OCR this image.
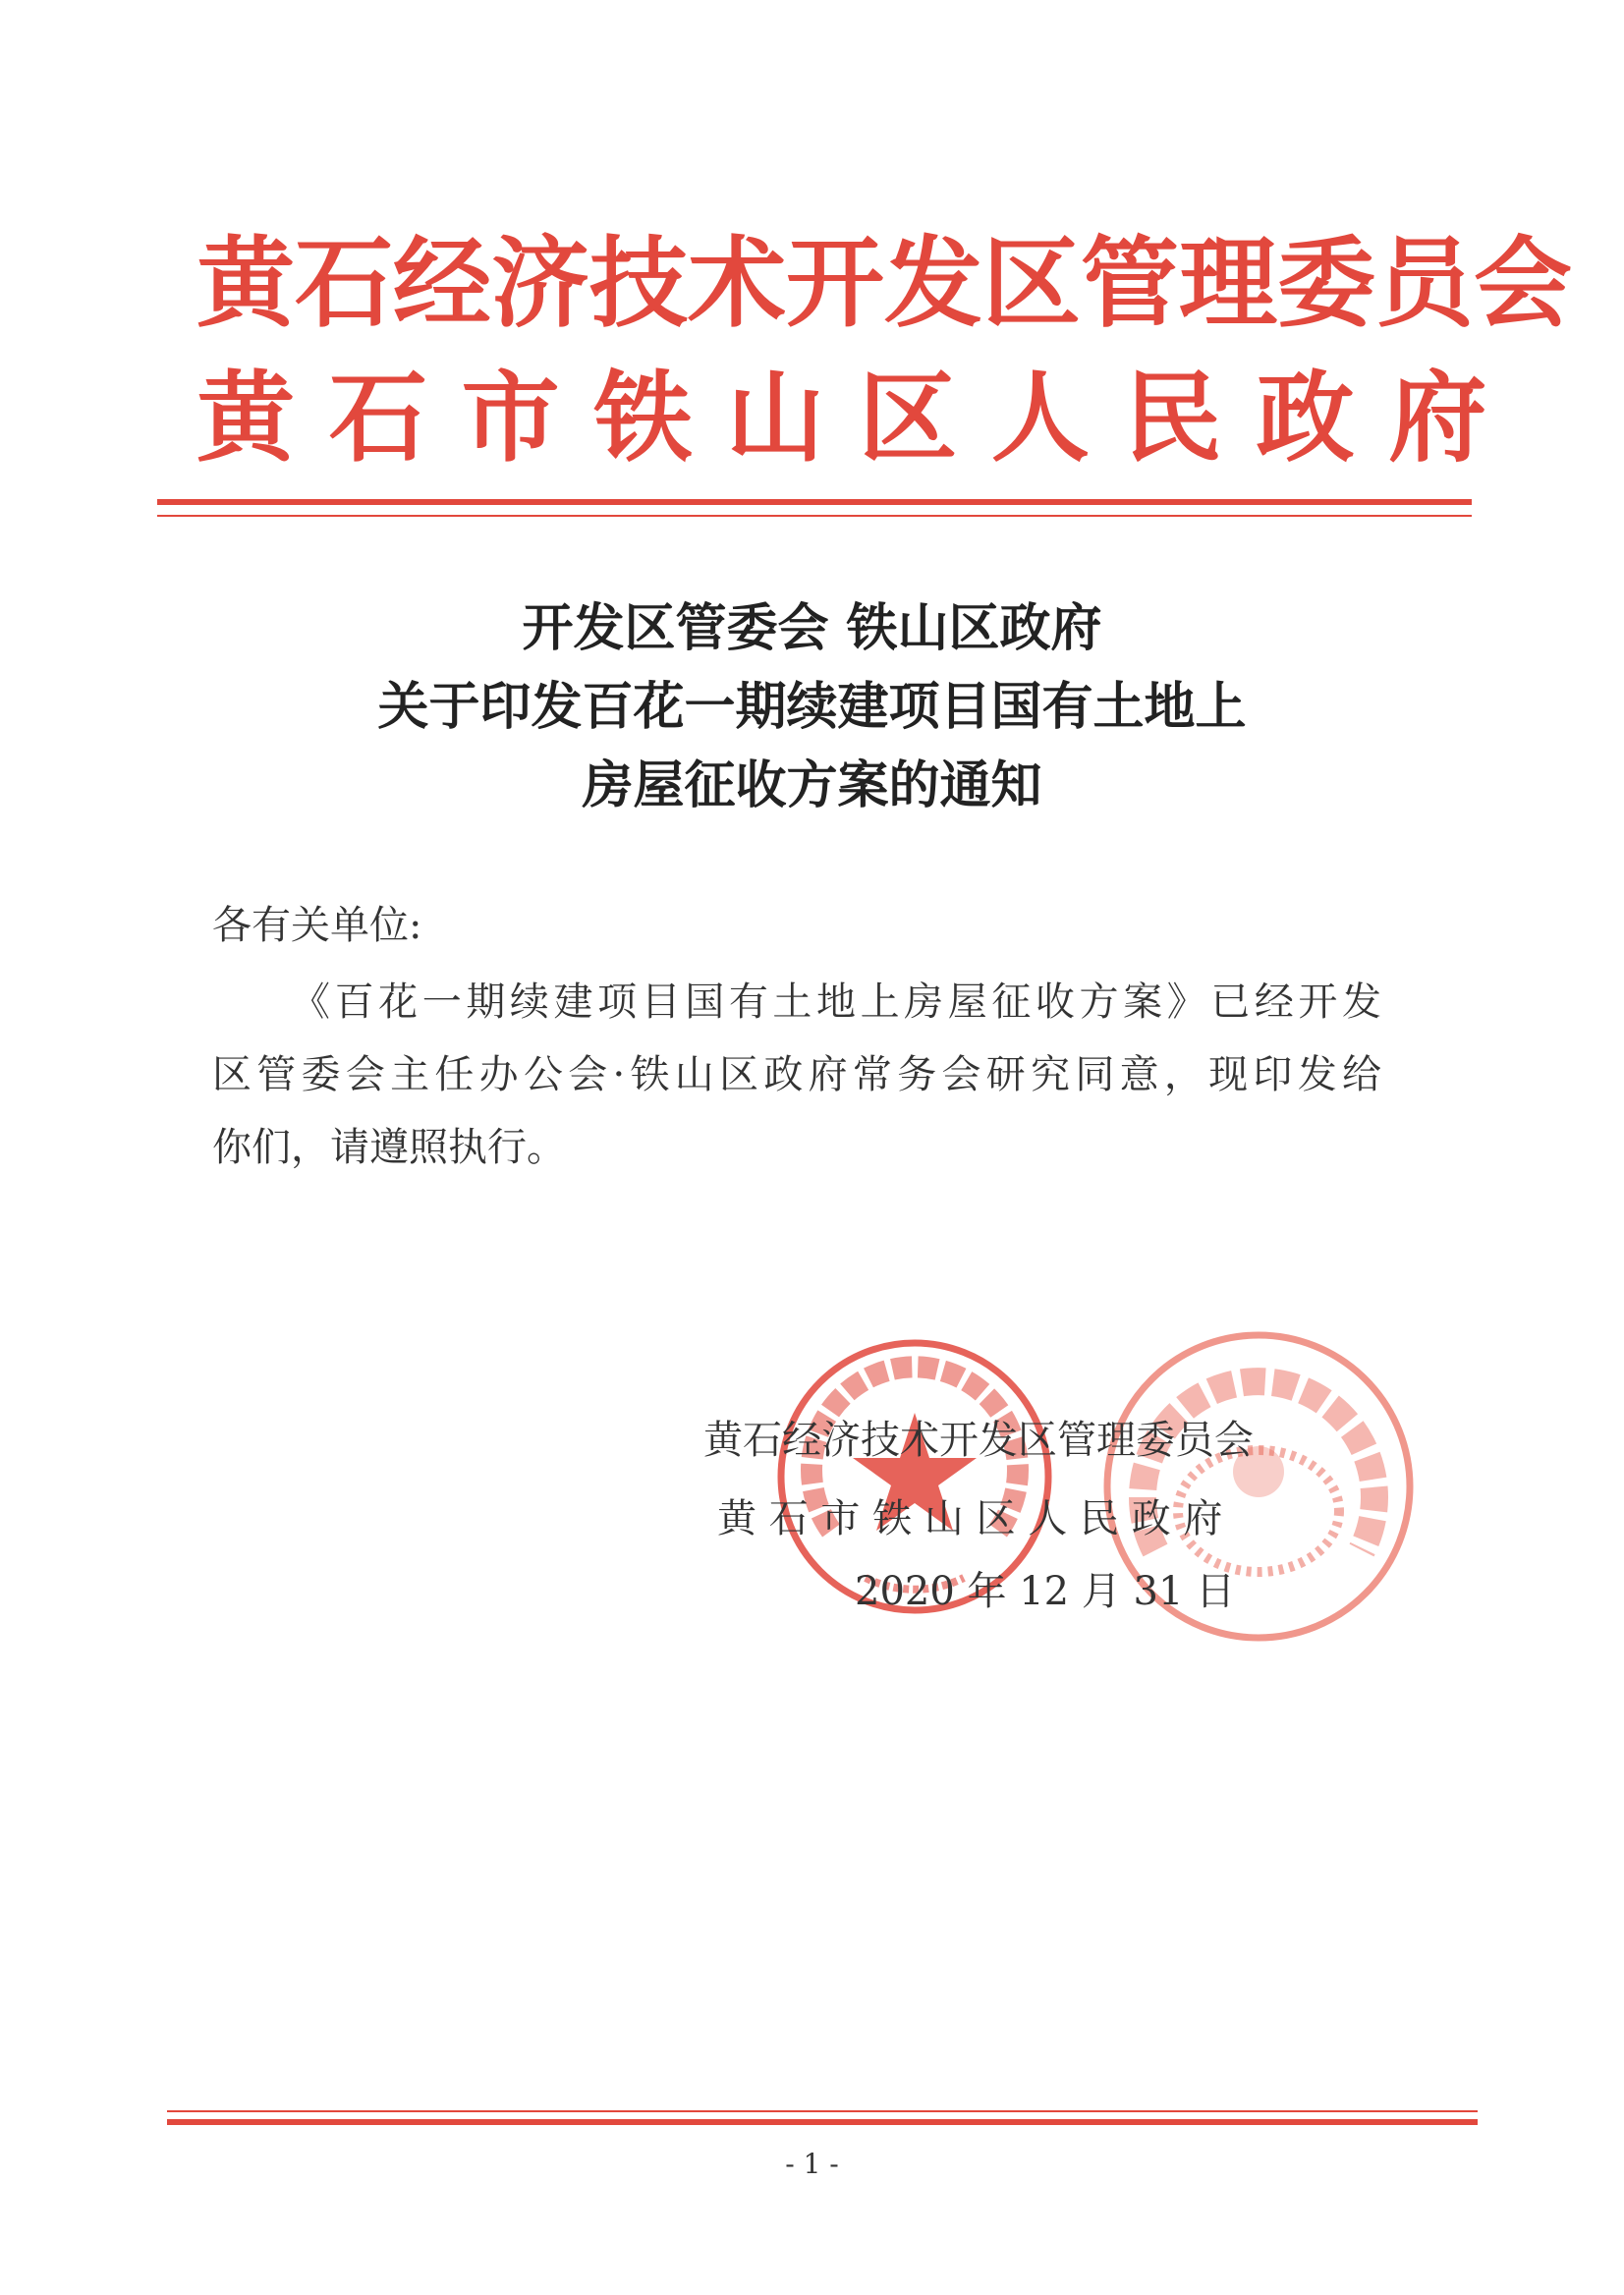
黄石经济技术开发区管理委员会
黄 石 市 铁 山 区 人 民 政 府
开发区管委会 铁山区政府
关于印发百花一期续建项目国有土地上
房屋征收方案的通知
各有关单位:
《百花一期续建项目国有土地上房屋征收方案》已经开发
区管委会主任办公会·铁山区政府常务会研究同意，现印发给
你们，请遵照执行。
黄石经济技术开发区管理委员会
黄 石 市 铁 山 区 人 民 政 府
2020 年 12 月 31 日
- 1 -
